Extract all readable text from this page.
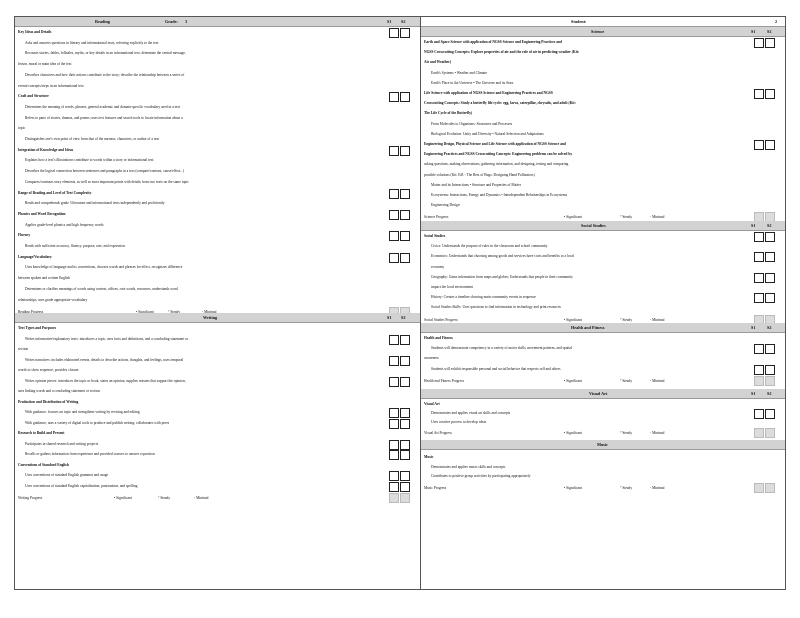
Reading	Grade: 3	S1 S2
Key Ideas and Details
Asks and answers questions in literary and informational texts, referring explicitly to the text
Recounts stories, fables, folktales, myths, or key details in an informational text, determine the central message,
lesson, moral or main idea of the text
Describes characters and how their actions contribute to the story; describe the relationship between a series of
events/concepts/steps in an informational text
Craft and Structure
Determines the meaning of words, phrases, general academic and domain-specific vocabulary used in a text
Refers to parts of stories, dramas, and poems; uses text features and search tools to locate information about a
topic
Distinguishes one's own point of view from that of the narrator, characters, or author of a text
Integration of Knowledge and Ideas
Explains how a text's illustrations contribute to words within a story or informational text
Describes the logical connection between sentences and paragraphs in a text (compare/contrast, cause/effect...)
Compares/contrasts story elements, as well as most important points with details from two texts on the same topic
Range of Reading and Level of Text Complexity
Reads and comprehends grade 3 literature and informational texts independently and proficiently
Phonics and Word Recognition
Applies grade-level phonics and high frequency words
Fluency
Reads with sufficient accuracy, fluency, purpose, rate, and expression
Language/Vocabulary
Uses knowledge of language and its conventions, chooses words and phrases for effect, recognizes difference
between spoken and written English
Determines or clarifies meanings of words using context, affixes, root words, resources, understands word
relationships, uses grade appropriate vocabulary
Writing	S1 S2
Text Types and Purposes
Writes informative/explanatory texts: introduces a topic, uses facts and definitions, and a concluding statement or
section
Writes narratives: includes elaborated events, details to describe actions, thoughts, and feelings, uses temporal
words to show sequence, provides closure
Writes opinion pieces: introduces the topic or book, states an opinion, supplies reasons that support the opinion,
uses linking words and a concluding statement or section
Production and Distribution of Writing
With guidance, focuses on topic and strengthens writing by revising and editing
With guidance, uses a variety of digital tools to produce and publish writing; collaborates with peers
Research to Build and Present
Participates in shared research and writing projects
Recalls or gathers information from experience and provided sources to answer a question
Conventions of Standard English
Uses conventions of standard English grammar and usage
Uses conventions of standard English capitalization, punctuation, and spelling
Writing Progress	• Significant	° Steady	- Minimal
Student:	2
Science	S1	S2
Earth and Space Science with application of NGSS Science and Engineering Practices and
NGSS Crosscutting Concepts: Explore properties of air and the role of air in predicting weather (Kit:
Air and Weather)
Earth's Systems • Weather and Climate
Earth's Place in the Universe • The Universe and its Stars
Life Science with application of NGSS Science and Engineering Practices and NGSS
Crosscutting Concepts: Study a butterfly life cycle: egg, larva, caterpillar, chrysalis, and adult (Kit:
The Life Cycle of the Butterfly)
From Molecules to Organisms: Structures and Processes
Biological Evolution: Unity and Diversity • Natural Selection and Adaptations
Engineering Design, Physical Science and Life Science with application of NGSS Science and
Engineering Practices and NGSS Crosscutting Concepts: Engineering problems can be solved by
asking questions, making observations, gathering information, and designing, testing and comparing
possible solutions (Kit: EiE - The Best of Bugs: Designing Hand Pollinators)
Matter and its Interactions • Structure and Properties of Matter
Ecosystems: Interactions, Energy and Dynamics • Interdependent Relationships in Ecosystems
Engineering Design
Science Progress	• Significant	° Steady	- Minimal
Social Studies	S1	S2
Social Studies
Civics: Understands the purpose of rules in the classroom and school community
Economics: Understands that choosing among goods and services have costs and benefits to a local
economy
Geography: Gains information from maps and globes; Understands that people in their community
impact the local environment
History: Creates a timeline showing main community events in sequence
Social Studies Skills: Uses questions to find information in technology and print resources
Social Studies Progress	• Significant	° Steady	- Minimal
Health and Fitness	S1	S2
Health and Fitness
Students will demonstrate competency in a variety of motor skills, movement patterns, and spatial
awareness
Students will exhibit responsible personal and social behavior that respects self and others
Health and Fitness Progress	• Significant	° Steady	- Minimal
Visual Art	S1	S2
Visual Art
Demonstrates and applies visual art skills and concepts
Uses creative process to develop ideas
Visual Art Progress	• Significant	° Steady	- Minimal
Music
Music
Demonstrates and applies music skills and concepts
Contributes to positive group activities by participating appropriately
Music Progress	• Significant	° Steady	- Minimal
